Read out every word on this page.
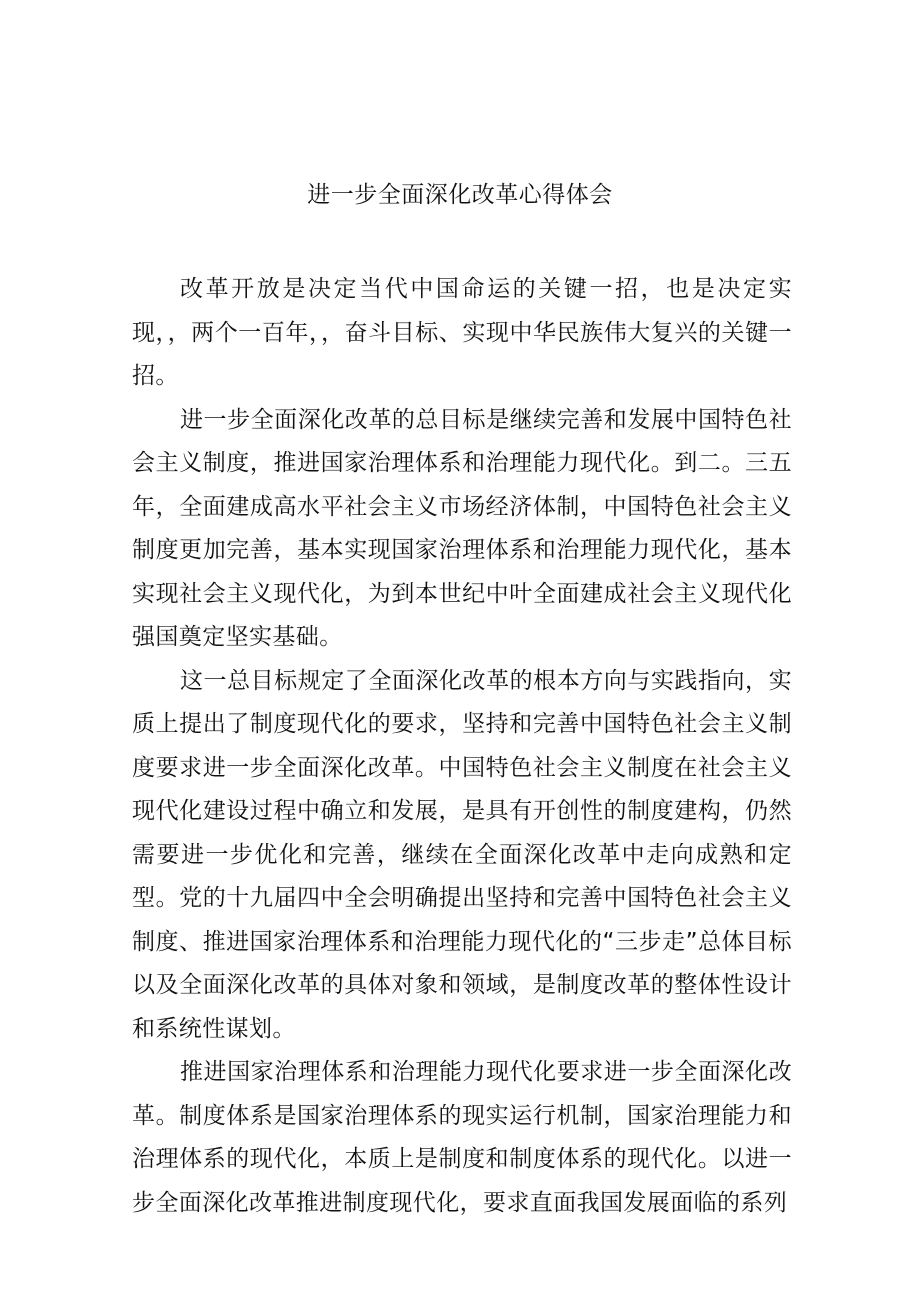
进一步全面深化改革心得体会

改革开放是决定当代中国命运的关键一招，也是决定实现，，两个一百年，，奋斗目标、实现中华民族伟大复兴的关键一招。

进一步全面深化改革的总目标是继续完善和发展中国特色社会主义制度，推进国家治理体系和治理能力现代化。到二。三五年，全面建成高水平社会主义市场经济体制，中国特色社会主义制度更加完善，基本实现国家治理体系和治理能力现代化，基本实现社会主义现代化，为到本世纪中叶全面建成社会主义现代化强国奠定坚实基础。

这一总目标规定了全面深化改革的根本方向与实践指向，实质上提出了制度现代化的要求，坚持和完善中国特色社会主义制度要求进一步全面深化改革。中国特色社会主义制度在社会主义现代化建设过程中确立和发展，是具有开创性的制度建构，仍然需要进一步优化和完善，继续在全面深化改革中走向成熟和定型。党的十九届四中全会明确提出坚持和完善中国特色社会主义制度、推进国家治理体系和治理能力现代化的“三步走”总体目标以及全面深化改革的具体对象和领域，是制度改革的整体性设计和系统性谋划。

推进国家治理体系和治理能力现代化要求进一步全面深化改革。制度体系是国家治理体系的现实运行机制，国家治理能力和治理体系的现代化，本质上是制度和制度体系的现代化。以进一步全面深化改革推进制度现代化，要求直面我国发展面临的系列
